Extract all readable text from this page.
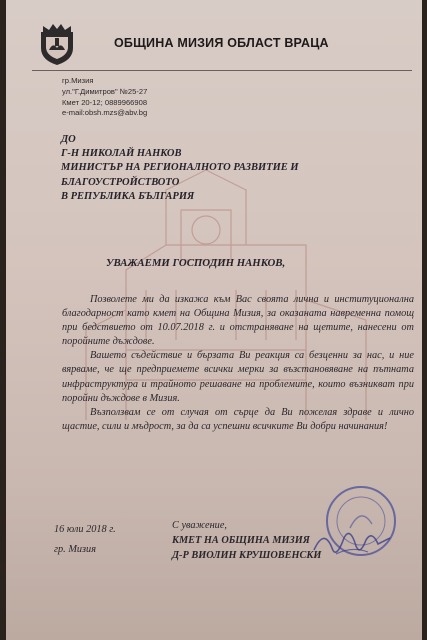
ОБЩИНА МИЗИЯ ОБЛАСТ ВРАЦА
гр.Мизия
ул."Г.Димитров" №25-27
Кмет 20-12; 0889966908
e-mail:obsh.mzs@abv.bg
ДО
Г-Н НИКОЛАЙ НАНКОВ
МИНИСТЪР НА РЕГИОНАЛНОТО РАЗВИТИЕ И
БЛАГОУСТРОЙСТВОТО
В РЕПУБЛИКА БЪЛГАРИЯ
УВАЖАЕМИ ГОСПОДИН НАНКОВ,

Позволете ми да изкажа към Вас своята лична и институционална благодарност като кмет на Община Мизия, за оказаната навременна помощ при бедствието от 10.07.2018 г. и отстраняване на щетите, нанесени от поройните дъждове.

Вашето съдействие и бързата Ви реакция са безценни за нас, и ние вярваме, че ще предприемете всички мерки за възстановяване на пътната инфраструктура и трайното решаване на проблемите, които възникват при поройни дъждове в Мизия.

Възползвам се от случая от сърце да Ви пожелая здраве и лично щастие, сили и мъдрост, за да са успешни всичките Ви добри начинания!

16 юли 2018 г.
гр. Мизия
С уважение,
КМЕТ НА ОБЩИНА МИЗИЯ
Д-Р ВИОЛИН КРУШОВЕНСКИ
